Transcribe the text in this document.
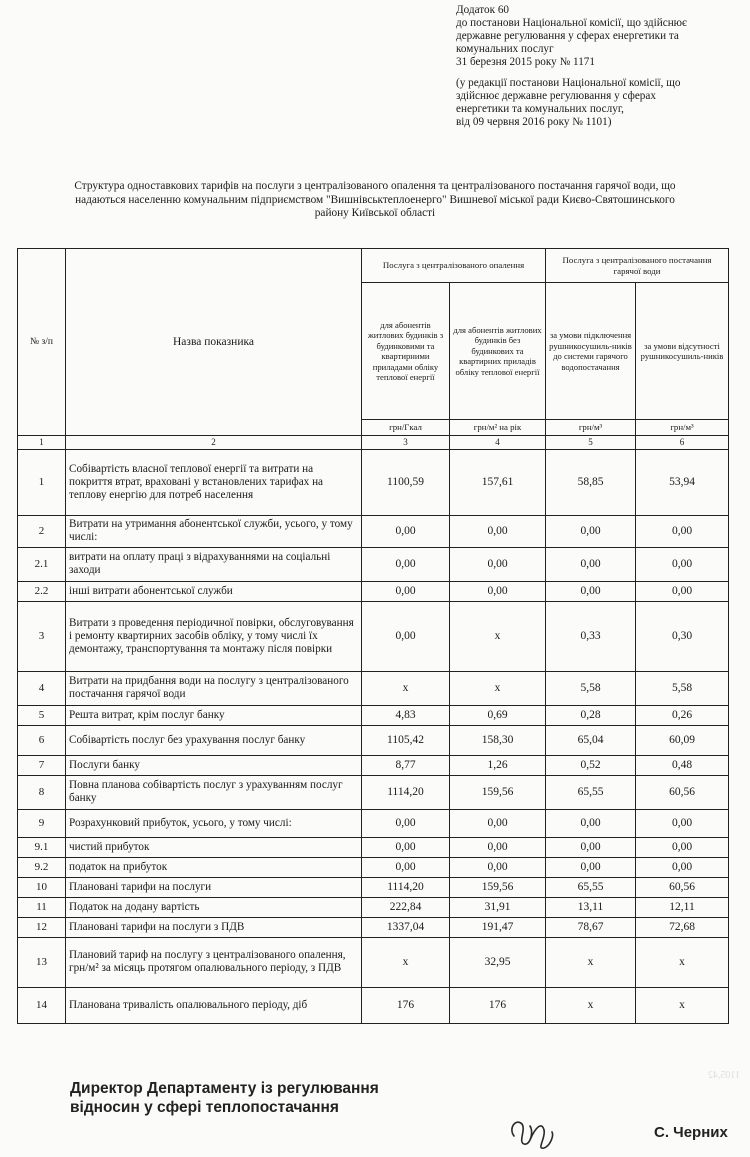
Додаток 60
до постанови Національної комісії, що здійснює
державне регулювання у сферах енергетики та
комунальних послуг
31 березня 2015 року № 1171
(у редакції постанови Національної комісії, що
здійснює державне регулювання у сферах
енергетики та комунальних послуг,
від 09 червня 2016 року № 1101)
Структура одноставкових тарифів на послуги з централізованого опалення та централізованого постачання гарячої води, що
надаються населенню комунальним підприємством "Вишнівськтеплоенерго" Вишневої міської ради Києво-Святошинського
району Київської області
№ з/п	Назва показника	Послуга з централізованого опалення		Послуга з централізованого постачання гарячої води	
		для абонентів житлових будинків з будинковими та квартирними приладами обліку теплової енергії	для абонентів житлових будинків без будинкових та квартирних приладів обліку теплової енергії	за умови підключення рушникосушиль-ників до системи гарячого водопостачання	за умови відсутності рушникосушиль-ників
		грн/Гкал	грн/м² на рік	грн/м³	грн/м³
1	2	3	4	5	6
1	Собівартість власної теплової енергії та витрати на покриття втрат, враховані у встановлених тарифах на теплову енергію для потреб населення	1100,59	157,61	58,85	53,94
2	Витрати на утримання абонентської служби, усього, у тому числі:	0,00	0,00	0,00	0,00
2.1	витрати на оплату праці з відрахуваннями на соціальні заходи	0,00	0,00	0,00	0,00
2.2	інші витрати абонентської служби	0,00	0,00	0,00	0,00
3	Витрати з проведення періодичної повірки, обслуговування і ремонту квартирних засобів обліку, у тому числі їх демонтажу, транспортування та монтажу після повірки	0,00	x	0,33	0,30
4	Витрати на придбання води на послугу з централізованого постачання гарячої води	x	x	5,58	5,58
5	Решта витрат, крім послуг банку	4,83	0,69	0,28	0,26
6	Собівартість послуг без урахування послуг банку	1105,42	158,30	65,04	60,09
7	Послуги банку	8,77	1,26	0,52	0,48
8	Повна планова собівартість послуг з урахуванням послуг банку	1114,20	159,56	65,55	60,56
9	Розрахунковий прибуток, усього, у тому числі:	0,00	0,00	0,00	0,00
9.1	чистий прибуток	0,00	0,00	0,00	0,00
9.2	податок на прибуток	0,00	0,00	0,00	0,00
10	Плановані тарифи на послуги	1114,20	159,56	65,55	60,56
11	Податок на додану вартість	222,84	31,91	13,11	12,11
12	Плановані тарифи на послуги з ПДВ	1337,04	191,47	78,67	72,68
13	Плановий тариф на послугу з централізованого опалення, грн/м² за місяць протягом опалювального періоду, з ПДВ	x	32,95	x	x
14	Планована тривалість опалювального періоду, діб	176	176	x	x
1105,42
Директор Департаменту із регулювання
відносин у сфері теплопостачання
С. Черних
